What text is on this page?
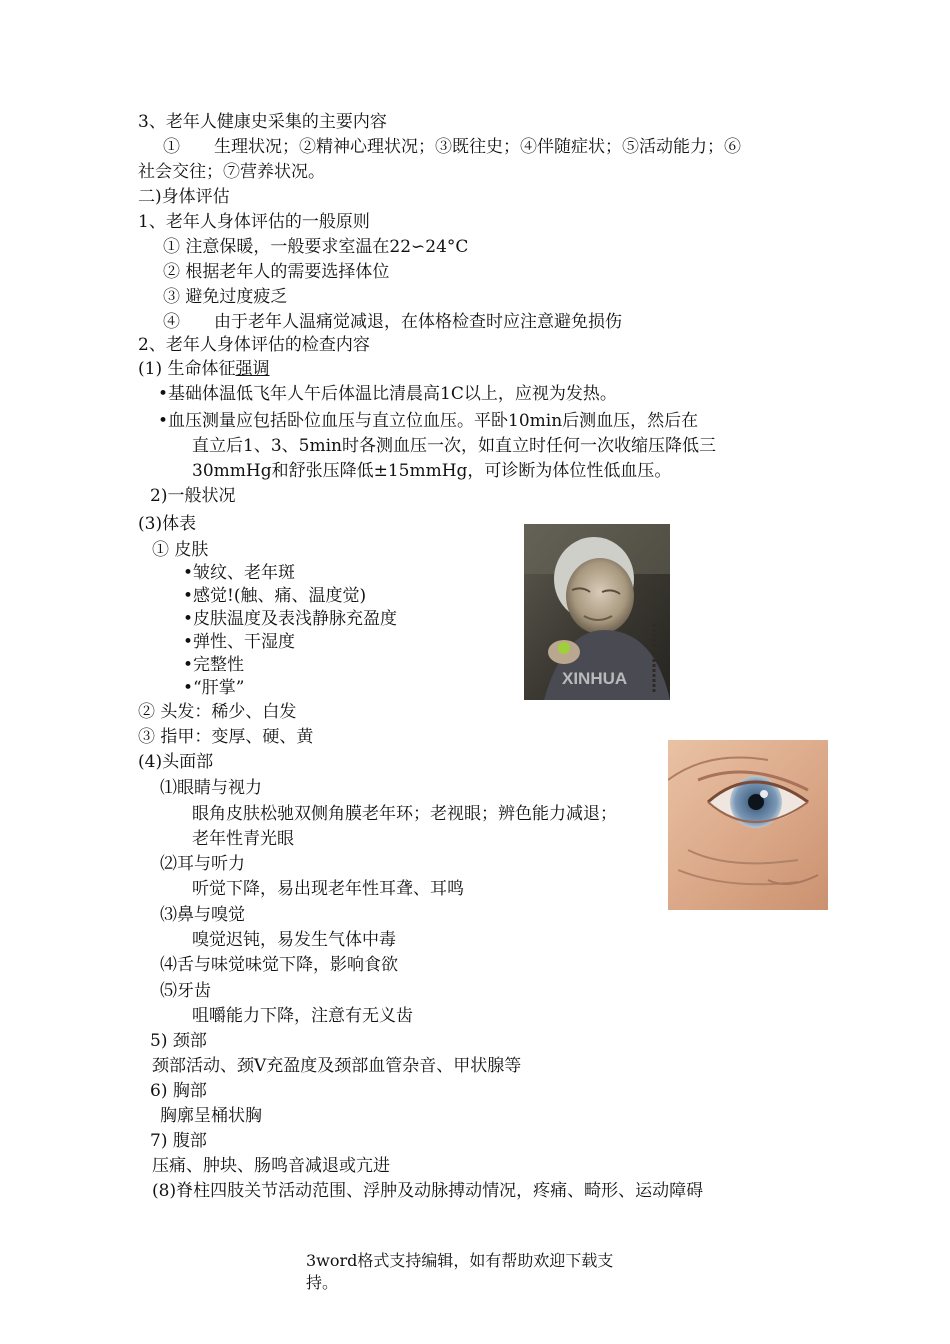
3、老年人健康史采集的主要内容
①　　生理状况；②精神心理状况；③既往史；④伴随症状；⑤活动能力；⑥
社会交往；⑦营养状况。
二)身体评估
1、老年人身体评估的一般原则
① 注意保暖，一般要求室温在22∽24°C
② 根据老年人的需要选择体位
③ 避免过度疲乏
④　　由于老年人温痛觉减退，在体格检查时应注意避免损伤
2、老年人身体评估的检查内容
(1) 生命体征强调
•基础体温低飞年人午后体温比清晨高1C以上，应视为发热。
•血压测量应包括卧位血压与直立位血压。平卧10min后测血压，然后在
直立后1、3、5min时各测血压一次，如直立时任何一次收缩压降低三
30mmHg和舒张压降低±15mmHg，可诊断为体位性低血压。
2)一般状况
(3)体表
① 皮肤
•皱纹、老年斑
•感觉!(触、痛、温度觉)
•皮肤温度及表浅静脉充盈度
•弹性、干湿度
•完整性
•“肝掌”
② 头发：稀少、白发
③ 指甲：变厚、硬、黄
(4)头面部
⑴眼睛与视力
眼角皮肤松驰双侧角膜老年环；老视眼；辨色能力减退；
老年性青光眼
⑵耳与听力
听觉下降，易出现老年性耳聋、耳鸣
⑶鼻与嗅觉
嗅觉迟钝，易发生气体中毒
⑷舌与味觉味觉下降，影响食欲
⑸牙齿
咀嚼能力下降，注意有无义齿
5) 颈部
颈部活动、颈V充盈度及颈部血管杂音、甲状腺等
6) 胸部
胸廓呈桶状胸
7) 腹部
压痛、肿块、肠鸣音减退或亢进
(8)脊柱四肢关节活动范围、浮肿及动脉搏动情况，疼痛、畸形、运动障碍
XINHUA
3word格式支持编辑，如有帮助欢迎下载支持。
